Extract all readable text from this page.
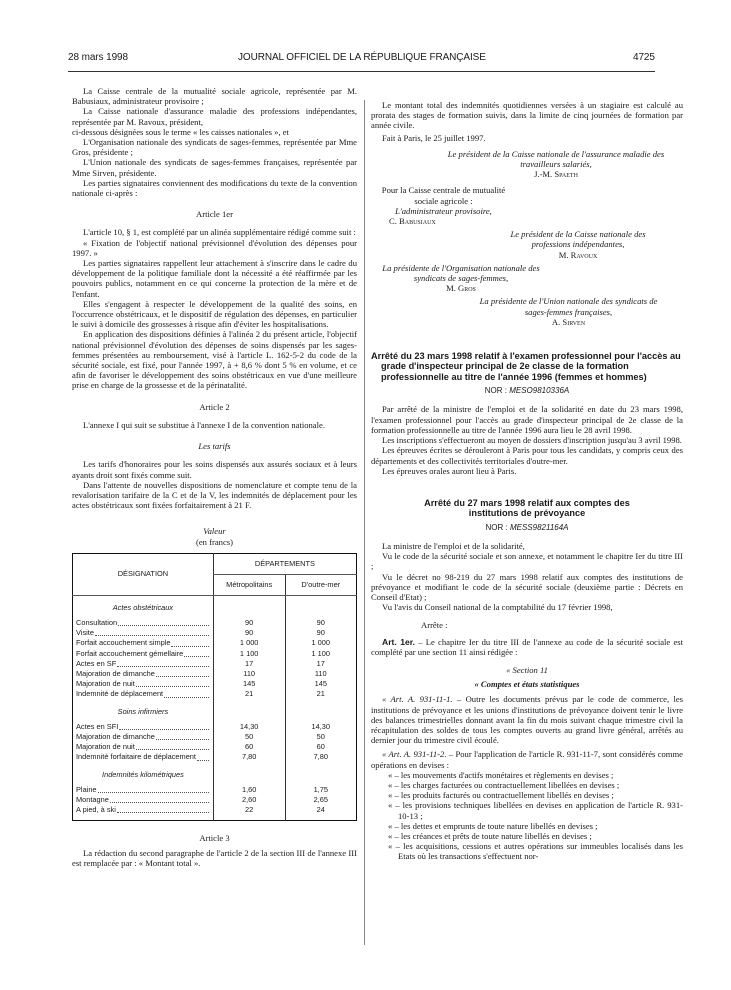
28 mars 1998	JOURNAL OFFICIEL DE LA RÉPUBLIQUE FRANÇAISE	4725

La Caisse centrale de la mutualité sociale agricole, représentée par M. Babusiaux, administrateur provisoire ;

La Caisse nationale d'assurance maladie des professions indépendantes, représentée par M. Ravoux, président,

ci-dessous désignées sous le terme « les caisses nationales », et

L'Organisation nationale des syndicats de sages-femmes, représentée par Mme Gros, présidente ;

L'Union nationale des syndicats de sages-femmes françaises, représentée par Mme Sirven, présidente.

Les parties signataires conviennent des modifications du texte de la convention nationale ci-après :

Article 1er

L'article 10, § 1, est complété par un alinéa supplémentaire rédigé comme suit :

« Fixation de l'objectif national prévisionnel d'évolution des dépenses pour 1997. »

Les parties signataires rappellent leur attachement à s'inscrire dans le cadre du développement de la politique familiale dont la nécessité a été réaffirmée par les pouvoirs publics, notamment en ce qui concerne la protection de la mère et de l'enfant.

Elles s'engagent à respecter le développement de la qualité des soins, en l'occurrence obstétricaux, et le dispositif de régulation des dépenses, en particulier le suivi à domicile des grossesses à risque afin d'éviter les hospitalisations.

En application des dispositions définies à l'alinéa 2 du présent article, l'objectif national prévisionnel d'évolution des dépenses de soins dispensés par les sages-femmes présentées au remboursement, visé à l'article L. 162-5-2 du code de la sécurité sociale, est fixé, pour l'année 1997, à + 8,6 % dont 5 % en volume, et ce afin de favoriser le développement des soins obstétricaux en vue d'une meilleure prise en charge de la grossesse et de la périnatalité.

Article 2

L'annexe I qui suit se substitue à l'annexe I de la convention nationale.

Les tarifs

Les tarifs d'honoraires pour les soins dispensés aux assurés sociaux et à leurs ayants droit sont fixés comme suit.

Dans l'attente de nouvelles dispositions de nomenclature et compte tenu de la revalorisation tarifaire de la C et de la V, les indemnités de déplacement pour les actes obstétricaux sont fixées forfaitairement à 21 F.

Valeur
(en francs)
DÉSIGNATION	DÉPARTEMENTS	
	Métropolitains	D'outre-mer
Actes obstétricaux		

Consultation	90	90

Visite	90	90

Forfait accouchement simple	1 000	1 000

Forfait accouchement gémellaire	1 100	1 100

Actes en SF	17	17

Majoration de dimanche	110	110

Majoration de nuit	145	145

Indemnité de déplacement	21	21
Soins infirmiers		

Actes en SFI	14,30	14,30

Majoration de dimanche	50	50

Majoration de nuit	60	60

Indemnité forfaitaire de déplacement	7,80	7,80
Indemnités kilométriques		

Plaine	1,60	1,75

Montagne	2,60	2,65

A pied, à ski	22	24
Article 3

La rédaction du second paragraphe de l'article 2 de la section III de l'annexe III est remplacée par : « Montant total ».

Le montant total des indemnités quotidiennes versées à un stagiaire est calculé au prorata des stages de formation suivis, dans la limite de cinq journées de formation par année civile.

Fait à Paris, le 25 juillet 1997.

Le président de la Caisse nationale de l'assurance maladie des travailleurs salariés,
J.-M. Spaeth
Pour la Caisse centrale de mutualité sociale agricole :
L'administrateur provisoire,
C. Babusiaux
Le président de la Caisse nationale des professions indépendantes,
M. Ravoux
La présidente de l'Organisation nationale des syndicats de sages-femmes,
M. Gros
La présidente de l'Union nationale des syndicats de sages-femmes françaises,
A. Sirven
Arrêté du 23 mars 1998 relatif à l'examen professionnel pour l'accès au grade d'inspecteur principal de 2e classe de la formation professionnelle au titre de l'année 1996 (femmes et hommes)
NOR : MESO9810336A

Par arrêté de la ministre de l'emploi et de la solidarité en date du 23 mars 1998, l'examen professionnel pour l'accès au grade d'inspecteur principal de 2e classe de la formation professionnelle au titre de l'année 1996 aura lieu le 28 avril 1998.

Les inscriptions s'effectueront au moyen de dossiers d'inscription jusqu'au 3 avril 1998.

Les épreuves écrites se dérouleront à Paris pour tous les candidats, y compris ceux des départements et des collectivités territoriales d'outre-mer.

Les épreuves orales auront lieu à Paris.

Arrêté du 27 mars 1998 relatif aux comptes des institutions de prévoyance
NOR : MESS9821164A

La ministre de l'emploi et de la solidarité,

Vu le code de la sécurité sociale et son annexe, et notamment le chapitre Ier du titre III ;

Vu le décret no 98-219 du 27 mars 1998 relatif aux comptes des institutions de prévoyance et modifiant le code de la sécurité sociale (deuxième partie : Décrets en Conseil d'Etat) ;

Vu l'avis du Conseil national de la comptabilité du 17 février 1998,

Arrête :

Art. 1er. – Le chapitre Ier du titre III de l'annexe au code de la sécurité sociale est complété par une section 11 ainsi rédigée :

« Section 11
« Comptes et états statistiques

« Art. A. 931-11-1. – Outre les documents prévus par le code de commerce, les institutions de prévoyance et les unions d'institutions de prévoyance doivent tenir le livre des balances trimestrielles donnant avant la fin du mois suivant chaque trimestre civil la récapitulation des soldes de tous les comptes ouverts au grand livre général, arrêtés au dernier jour du trimestre civil écoulé.

« Art. A. 931-11-2. – Pour l'application de l'article R. 931-11-7, sont considérés comme opérations en devises :

« – les mouvements d'actifs monétaires et règlements en devises ;
« – les charges facturées ou contractuellement libellées en devises ;
« – les produits facturés ou contractuellement libellés en devises ;
« – les provisions techniques libellées en devises en application de l'article R. 931-10-13 ;
« – les dettes et emprunts de toute nature libellés en devises ;
« – les créances et prêts de toute nature libellés en devises ;
« – les acquisitions, cessions et autres opérations sur immeubles localisés dans les Etats où les transactions s'effectuent nor-
